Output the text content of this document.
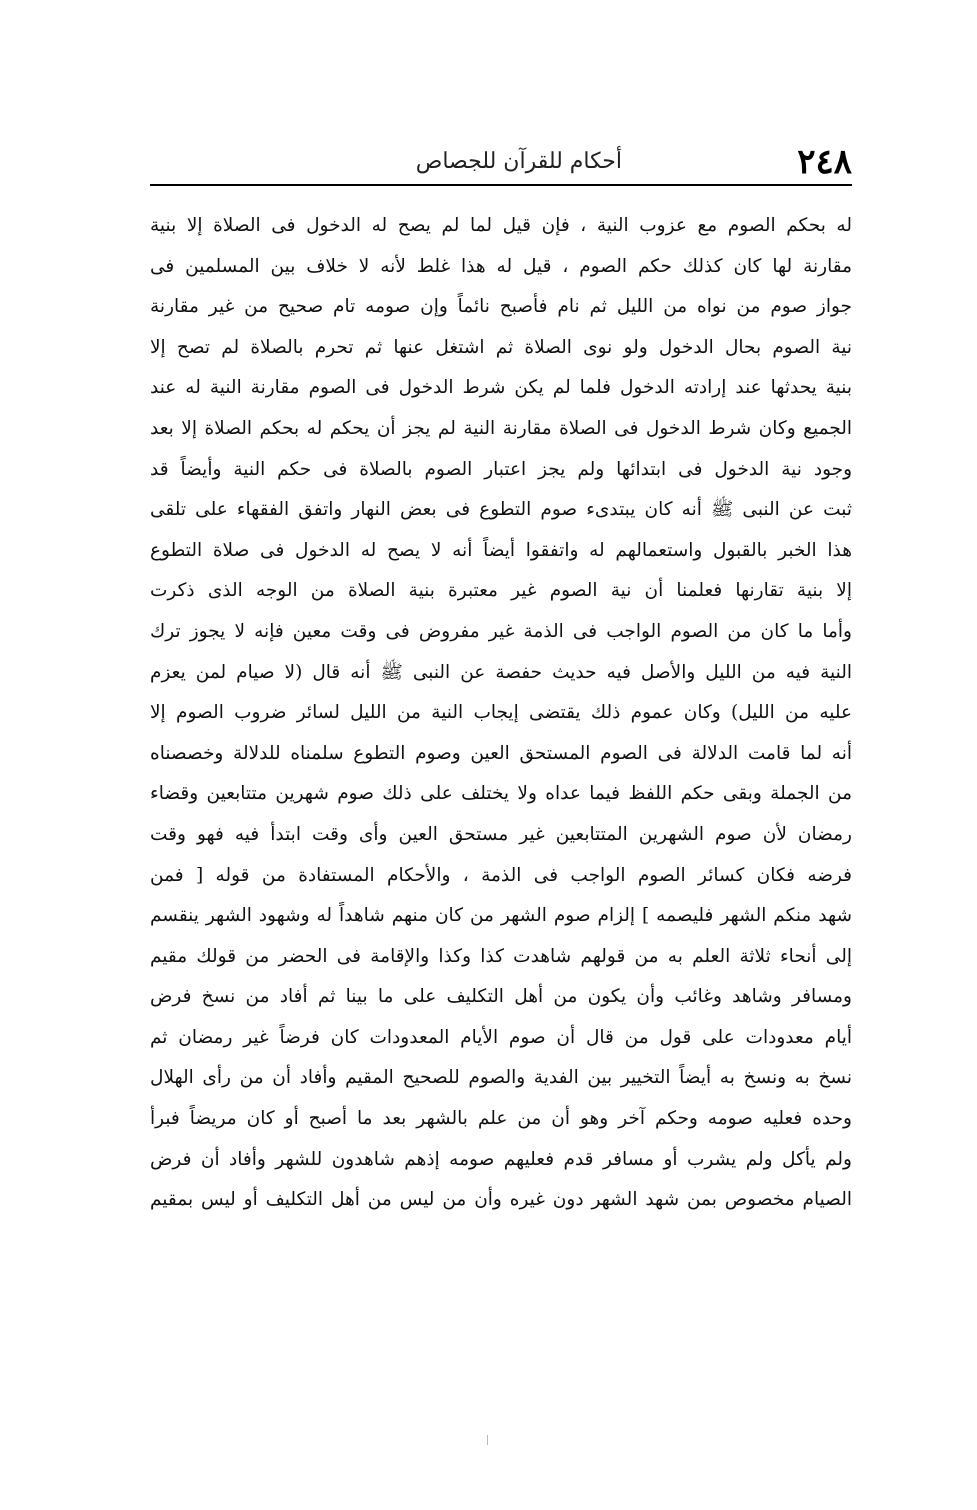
٢٤٨
أحكام للقرآن للجصاص
له بحكم الصوم مع عزوب النية ، فإن قيل لما لم يصح له الدخول فى الصلاة إلا بنية
مقارنة لها كان كذلك حكم الصوم ، قيل له هذا غلط لأنه لا خلاف بين المسلمين فى
جواز صوم من نواه من الليل ثم نام فأصبح نائماً وإن صومه تام صحيح من غير مقارنة
نية الصوم بحال الدخول ولو نوى الصلاة ثم اشتغل عنها ثم تحرم بالصلاة لم تصح إلا
بنية يحدثها عند إرادته الدخول فلما لم يكن شرط الدخول فى الصوم مقارنة النية له عند
الجميع وكان شرط الدخول فى الصلاة مقارنة النية لم يجز أن يحكم له بحكم الصلاة إلا بعد
وجود نية الدخول فى ابتدائها ولم يجز اعتبار الصوم بالصلاة فى حكم النية وأيضاً قد
ثبت عن النبى ﷺ أنه كان يبتدىء صوم التطوع فى بعض النهار واتفق الفقهاء على تلقى
هذا الخبر بالقبول واستعمالهم له واتفقوا أيضاً أنه لا يصح له الدخول فى صلاة التطوع
إلا بنية تقارنها فعلمنا أن نية الصوم غير معتبرة بنية الصلاة من الوجه الذى ذكرت
وأما ما كان من الصوم الواجب فى الذمة غير مفروض فى وقت معين فإنه لا يجوز ترك
النية فيه من الليل والأصل فيه حديث حفصة عن النبى ﷺ أنه قال (لا صيام لمن يعزم
عليه من الليل) وكان عموم ذلك يقتضى إيجاب النية من الليل لسائر ضروب الصوم إلا
أنه لما قامت الدلالة فى الصوم المستحق العين وصوم التطوع سلمناه للدلالة وخصصناه
من الجملة وبقى حكم اللفظ فيما عداه ولا يختلف على ذلك صوم شهرين متتابعين وقضاء
رمضان لأن صوم الشهرين المتتابعين غير مستحق العين وأى وقت ابتدأ فيه فهو وقت
فرضه فكان كسائر الصوم الواجب فى الذمة ، والأحكام المستفادة من قوله [ فمن
شهد منكم الشهر فليصمه ] إلزام صوم الشهر من كان منهم شاهداً له وشهود الشهر ينقسم
إلى أنحاء ثلاثة العلم به من قولهم شاهدت كذا وكذا والإقامة فى الحضر من قولك مقيم
ومسافر وشاهد وغائب وأن يكون من أهل التكليف على ما بينا ثم أفاد من نسخ فرض
أيام معدودات على قول من قال أن صوم الأيام المعدودات كان فرضاً غير رمضان ثم
نسخ به ونسخ به أيضاً التخيير بين الفدية والصوم للصحيح المقيم وأفاد أن من رأى الهلال
وحده فعليه صومه وحكم آخر وهو أن من علم بالشهر بعد ما أصبح أو كان مريضاً فبرأ
ولم يأكل ولم يشرب أو مسافر قدم فعليهم صومه إذهم شاهدون للشهر وأفاد أن فرض
الصيام مخصوص بمن شهد الشهر دون غيره وأن من ليس من أهل التكليف أو ليس بمقيم
